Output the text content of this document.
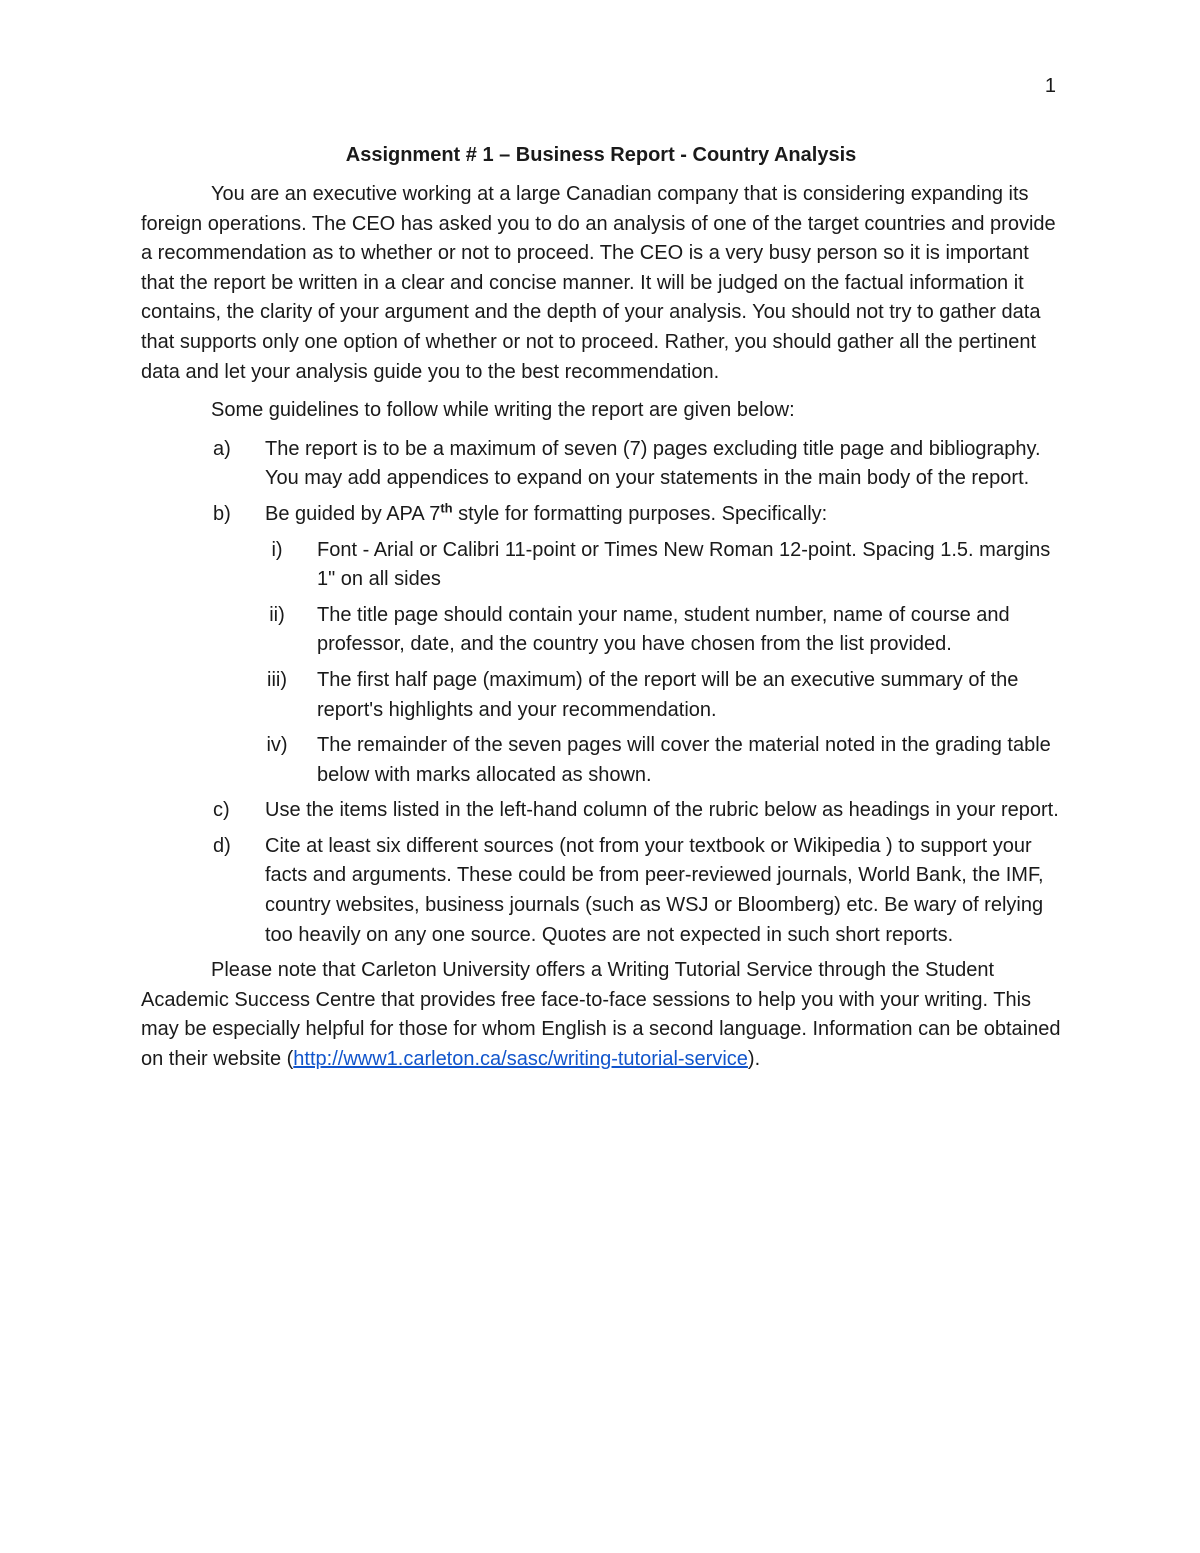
1
Assignment # 1 – Business Report - Country Analysis
You are an executive working at a large Canadian company that is considering expanding its foreign operations. The CEO has asked you to do an analysis of one of the target countries and provide a recommendation as to whether or not to proceed. The CEO is a very busy person so it is important that the report be written in a clear and concise manner. It will be judged on the factual information it contains, the clarity of your argument and the depth of your analysis. You should not try to gather data that supports only one option of whether or not to proceed. Rather, you should gather all the pertinent data and let your analysis guide you to the best recommendation.
Some guidelines to follow while writing the report are given below:
a) The report is to be a maximum of seven (7) pages excluding title page and bibliography. You may add appendices to expand on your statements in the main body of the report.
b) Be guided by APA 7th style for formatting purposes. Specifically:
i)	Font - Arial or Calibri 11-point or Times New Roman 12-point. Spacing 1.5. margins 1" on all sides
ii) The title page should contain your name, student number, name of course and professor, date, and the country you have chosen from the list provided.
iii) The first half page (maximum) of the report will be an executive summary of the report's highlights and your recommendation.
iv) The remainder of the seven pages will cover the material noted in the grading table below with marks allocated as shown.
c) Use the items listed in the left-hand column of the rubric below as headings in your report.
d) Cite at least six different sources (not from your textbook or Wikipedia ) to support your facts and arguments. These could be from peer-reviewed journals, World Bank, the IMF, country websites, business journals (such as WSJ or Bloomberg) etc. Be wary of relying too heavily on any one source. Quotes are not expected in such short reports.
Please note that Carleton University offers a Writing Tutorial Service through the Student Academic Success Centre that provides free face-to-face sessions to help you with your writing. This may be especially helpful for those for whom English is a second language. Information can be obtained on their website (http://www1.carleton.ca/sasc/writing-tutorial-service).
